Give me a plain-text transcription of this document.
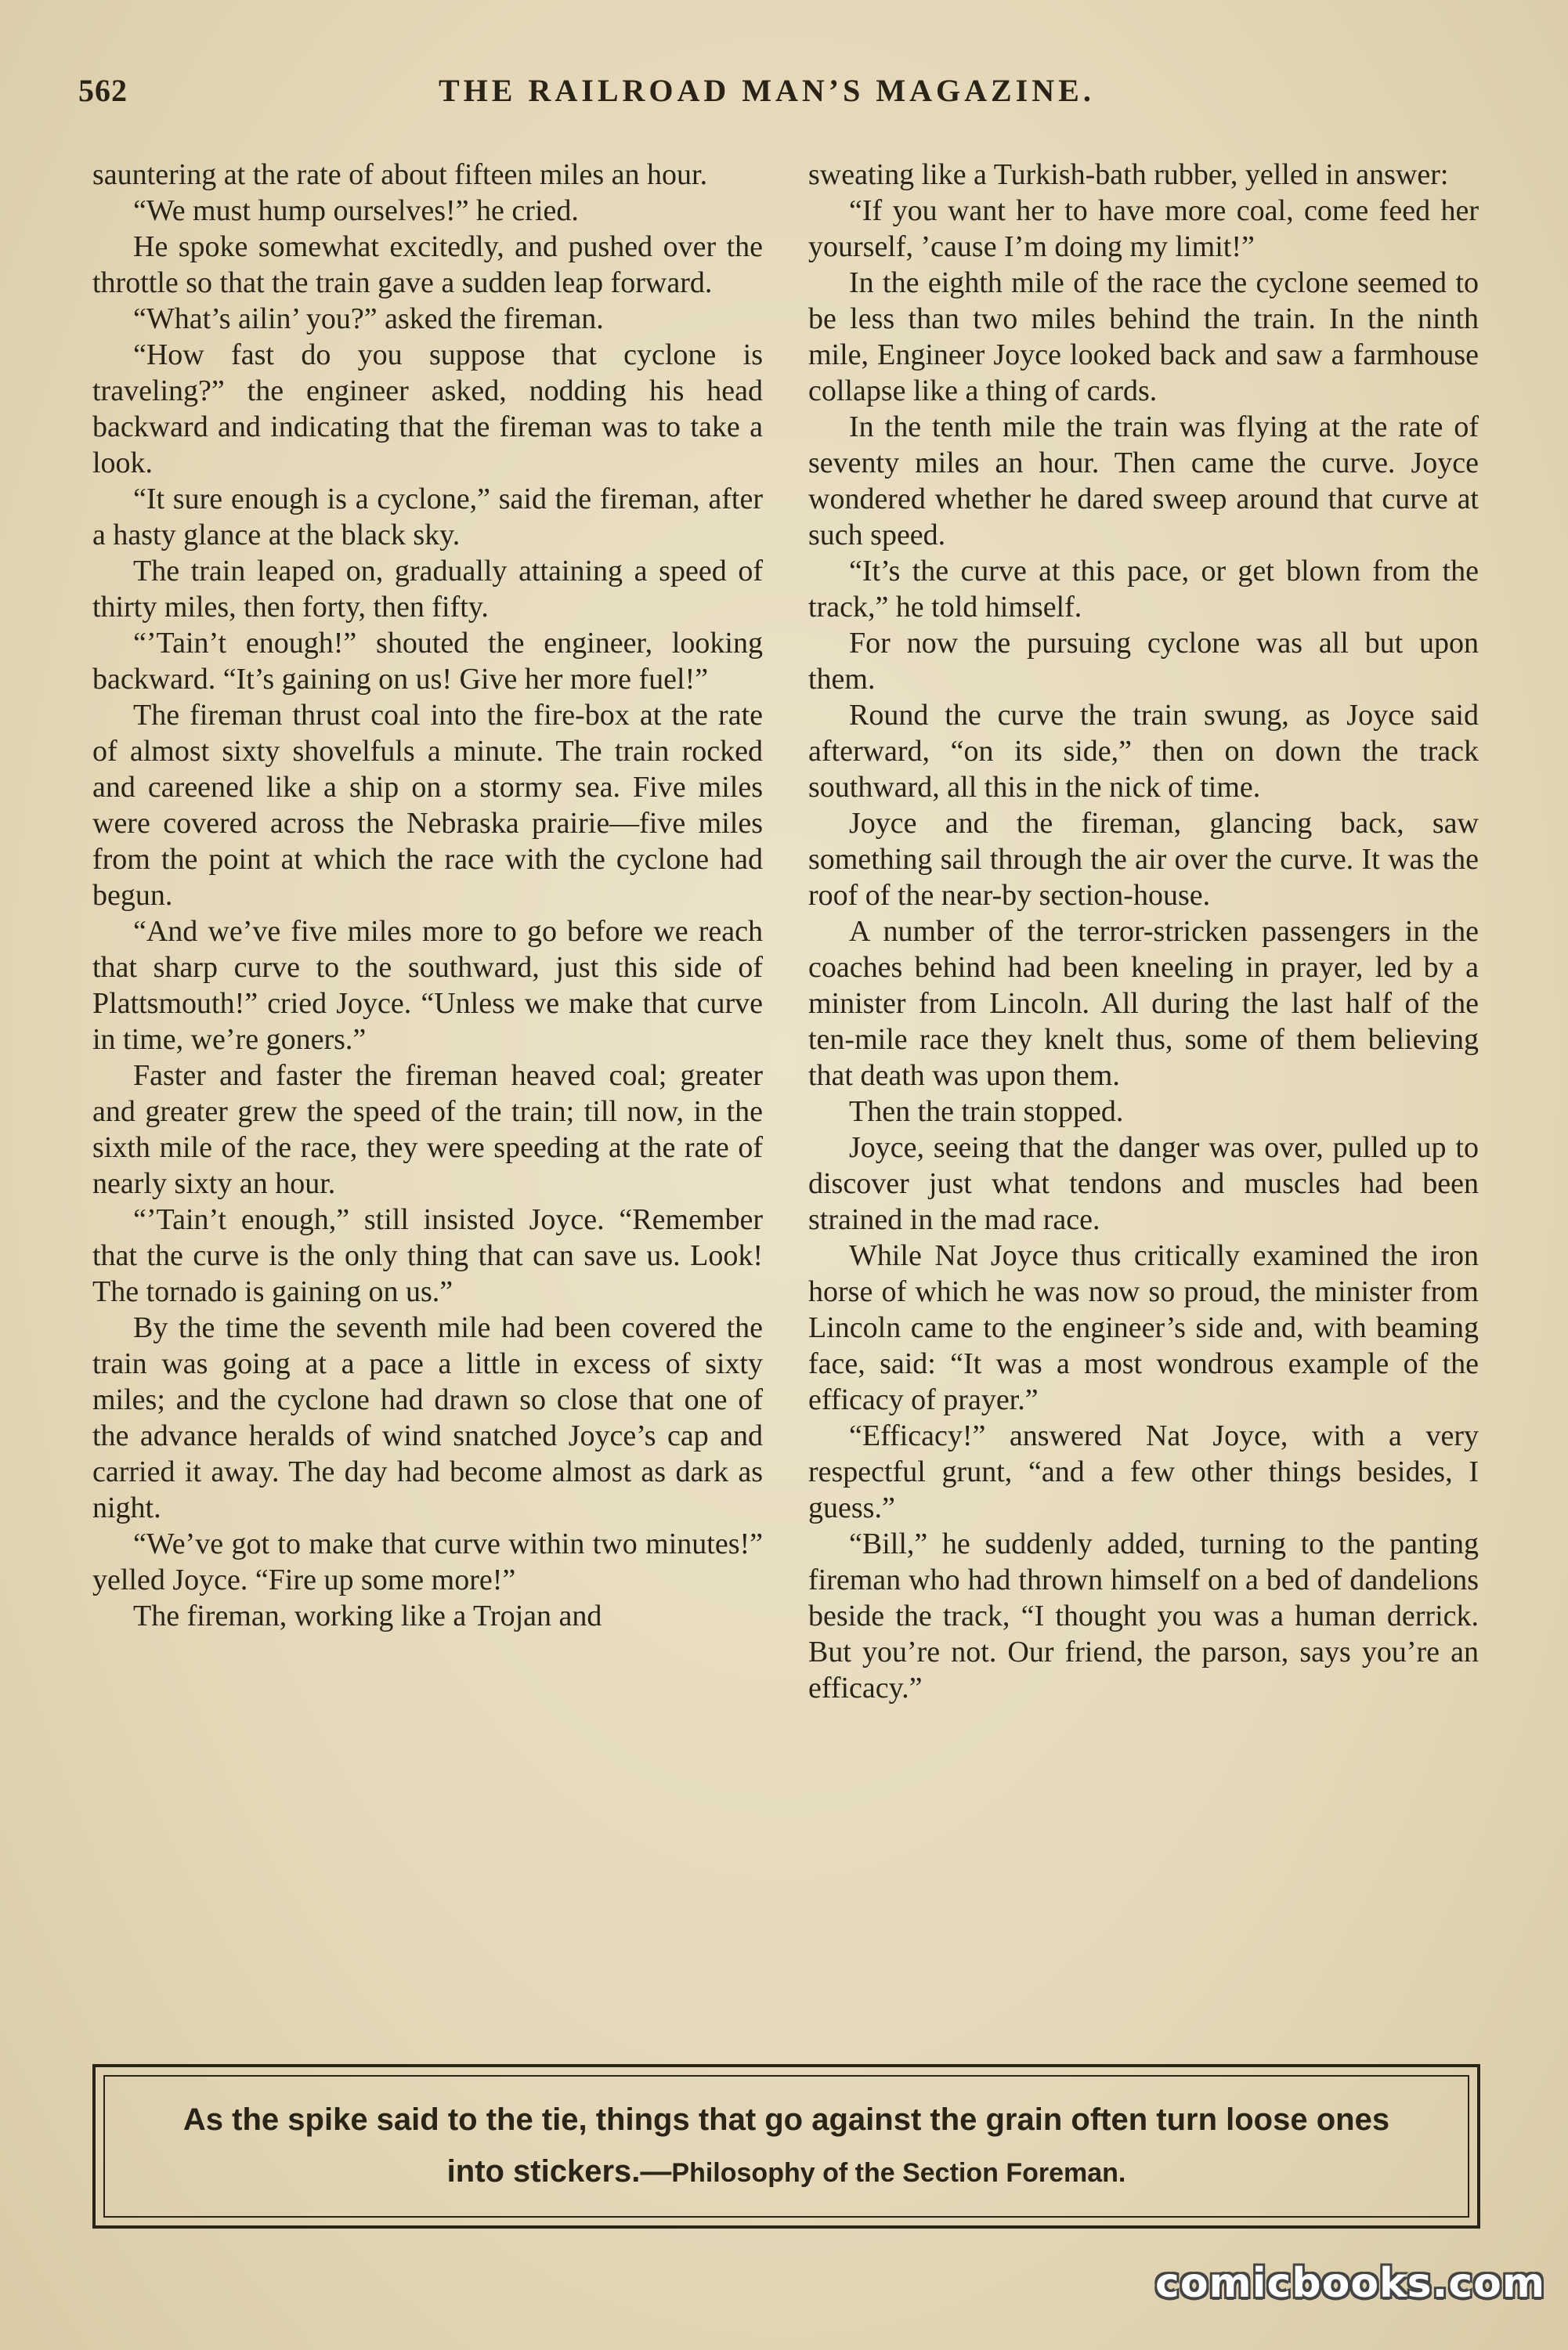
562	THE RAILROAD MAN’S MAGAZINE.

sauntering at the rate of about fifteen miles an hour.

“We must hump ourselves!” he cried.

He spoke somewhat excitedly, and pushed over the throttle so that the train gave a sudden leap forward.

“What’s ailin’ you?” asked the fireman.

“How fast do you suppose that cyclone is traveling?” the engineer asked, nodding his head backward and indicating that the fireman was to take a look.

“It sure enough is a cyclone,” said the fireman, after a hasty glance at the black sky.

The train leaped on, gradually attaining a speed of thirty miles, then forty, then fifty.

“’Tain’t enough!” shouted the engineer, looking backward. “It’s gaining on us! Give her more fuel!”

The fireman thrust coal into the fire-box at the rate of almost sixty shovelfuls a minute. The train rocked and careened like a ship on a stormy sea. Five miles were covered across the Nebraska prairie—five miles from the point at which the race with the cyclone had begun.

“And we’ve five miles more to go before we reach that sharp curve to the southward, just this side of Plattsmouth!” cried Joyce. “Unless we make that curve in time, we’re goners.”

Faster and faster the fireman heaved coal; greater and greater grew the speed of the train; till now, in the sixth mile of the race, they were speeding at the rate of nearly sixty an hour.

“’Tain’t enough,” still insisted Joyce. “Remember that the curve is the only thing that can save us. Look! The tornado is gaining on us.”

By the time the seventh mile had been covered the train was going at a pace a little in excess of sixty miles; and the cyclone had drawn so close that one of the advance heralds of wind snatched Joyce’s cap and carried it away. The day had become almost as dark as night.

“We’ve got to make that curve within two minutes!” yelled Joyce. “Fire up some more!”

The fireman, working like a Trojan and

sweating like a Turkish-bath rubber, yelled in answer:

“If you want her to have more coal, come feed her yourself, ’cause I’m doing my limit!”

In the eighth mile of the race the cyclone seemed to be less than two miles behind the train. In the ninth mile, Engineer Joyce looked back and saw a farmhouse collapse like a thing of cards.

In the tenth mile the train was flying at the rate of seventy miles an hour. Then came the curve. Joyce wondered whether he dared sweep around that curve at such speed.

“It’s the curve at this pace, or get blown from the track,” he told himself.

For now the pursuing cyclone was all but upon them.

Round the curve the train swung, as Joyce said afterward, “on its side,” then on down the track southward, all this in the nick of time.

Joyce and the fireman, glancing back, saw something sail through the air over the curve. It was the roof of the near-by section-house.

A number of the terror-stricken passengers in the coaches behind had been kneeling in prayer, led by a minister from Lincoln. All during the last half of the ten-mile race they knelt thus, some of them believing that death was upon them.

Then the train stopped.

Joyce, seeing that the danger was over, pulled up to discover just what tendons and muscles had been strained in the mad race.

While Nat Joyce thus critically examined the iron horse of which he was now so proud, the minister from Lincoln came to the engineer’s side and, with beaming face, said: “It was a most wondrous example of the efficacy of prayer.”

“Efficacy!” answered Nat Joyce, with a very respectful grunt, “and a few other things besides, I guess.”

“Bill,” he suddenly added, turning to the panting fireman who had thrown himself on a bed of dandelions beside the track, “I thought you was a human derrick. But you’re not. Our friend, the parson, says you’re an efficacy.”

As the spike said to the tie, things that go against the grain often turn loose ones into stickers.—Philosophy of the Section Foreman.
comicbooks.com
